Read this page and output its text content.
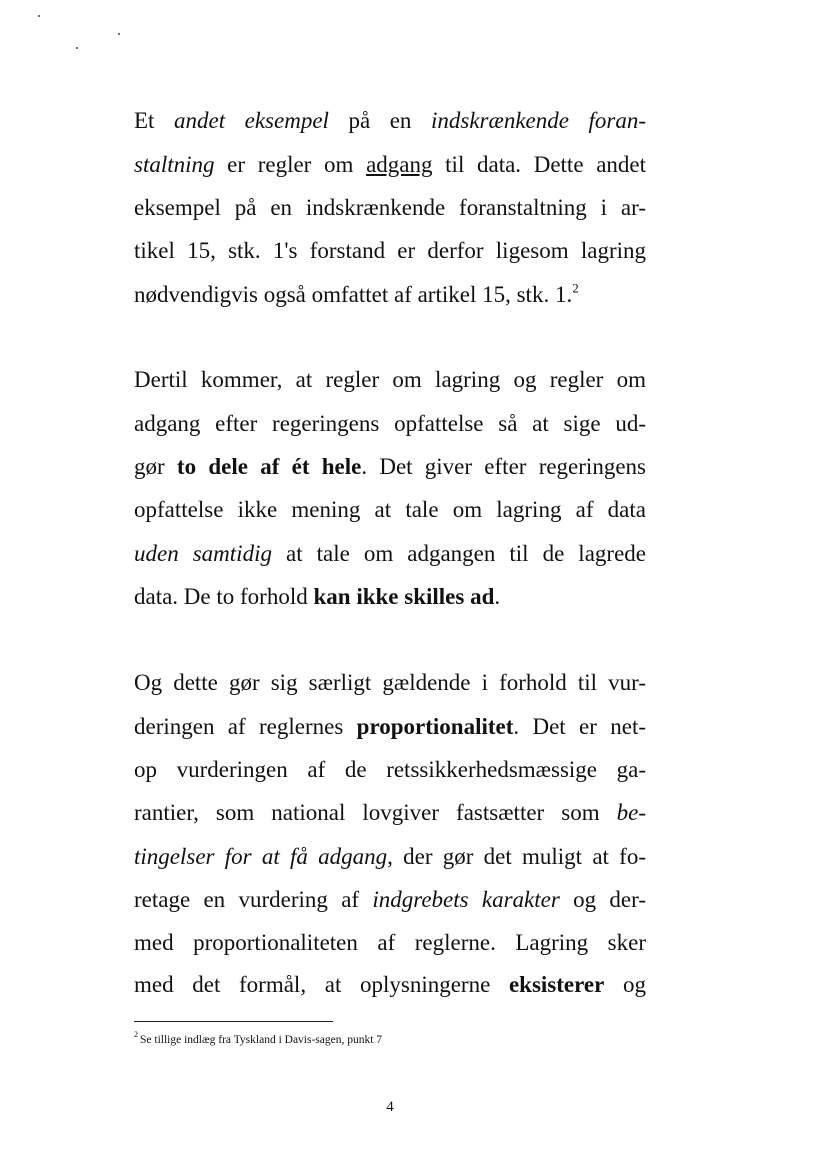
Et andet eksempel på en indskrænkende foran-
staltning er regler om adgang til data. Dette andet
eksempel på en indskrænkende foranstaltning i ar-
tikel 15, stk. 1's forstand er derfor ligesom lagring
nødvendigvis også omfattet af artikel 15, stk. 1.$^2$
Dertil kommer, at regler om lagring og regler om
adgang efter regeringens opfattelse så at sige ud-
gør to dele af ét hele. Det giver efter regeringens
opfattelse ikke mening at tale om lagring af data
uden samtidig at tale om adgangen til de lagrede
data. De to forhold kan ikke skilles ad.
Og dette gør sig særligt gældende i forhold til vur-
deringen af reglernes proportionalitet. Det er net-
op vurderingen af de retssikkerhedsmæssige ga-
rantier, som national lovgiver fastsætter som be-
tingelser for at få adgang, der gør det muligt at fo-
retage en vurdering af indgrebets karakter og der-
med proportionaliteten af reglerne. Lagring sker
med det formål, at oplysningerne eksisterer og
$^2$ Se tillige indlæg fra Tyskland i Davis-sagen, punkt 7
4
